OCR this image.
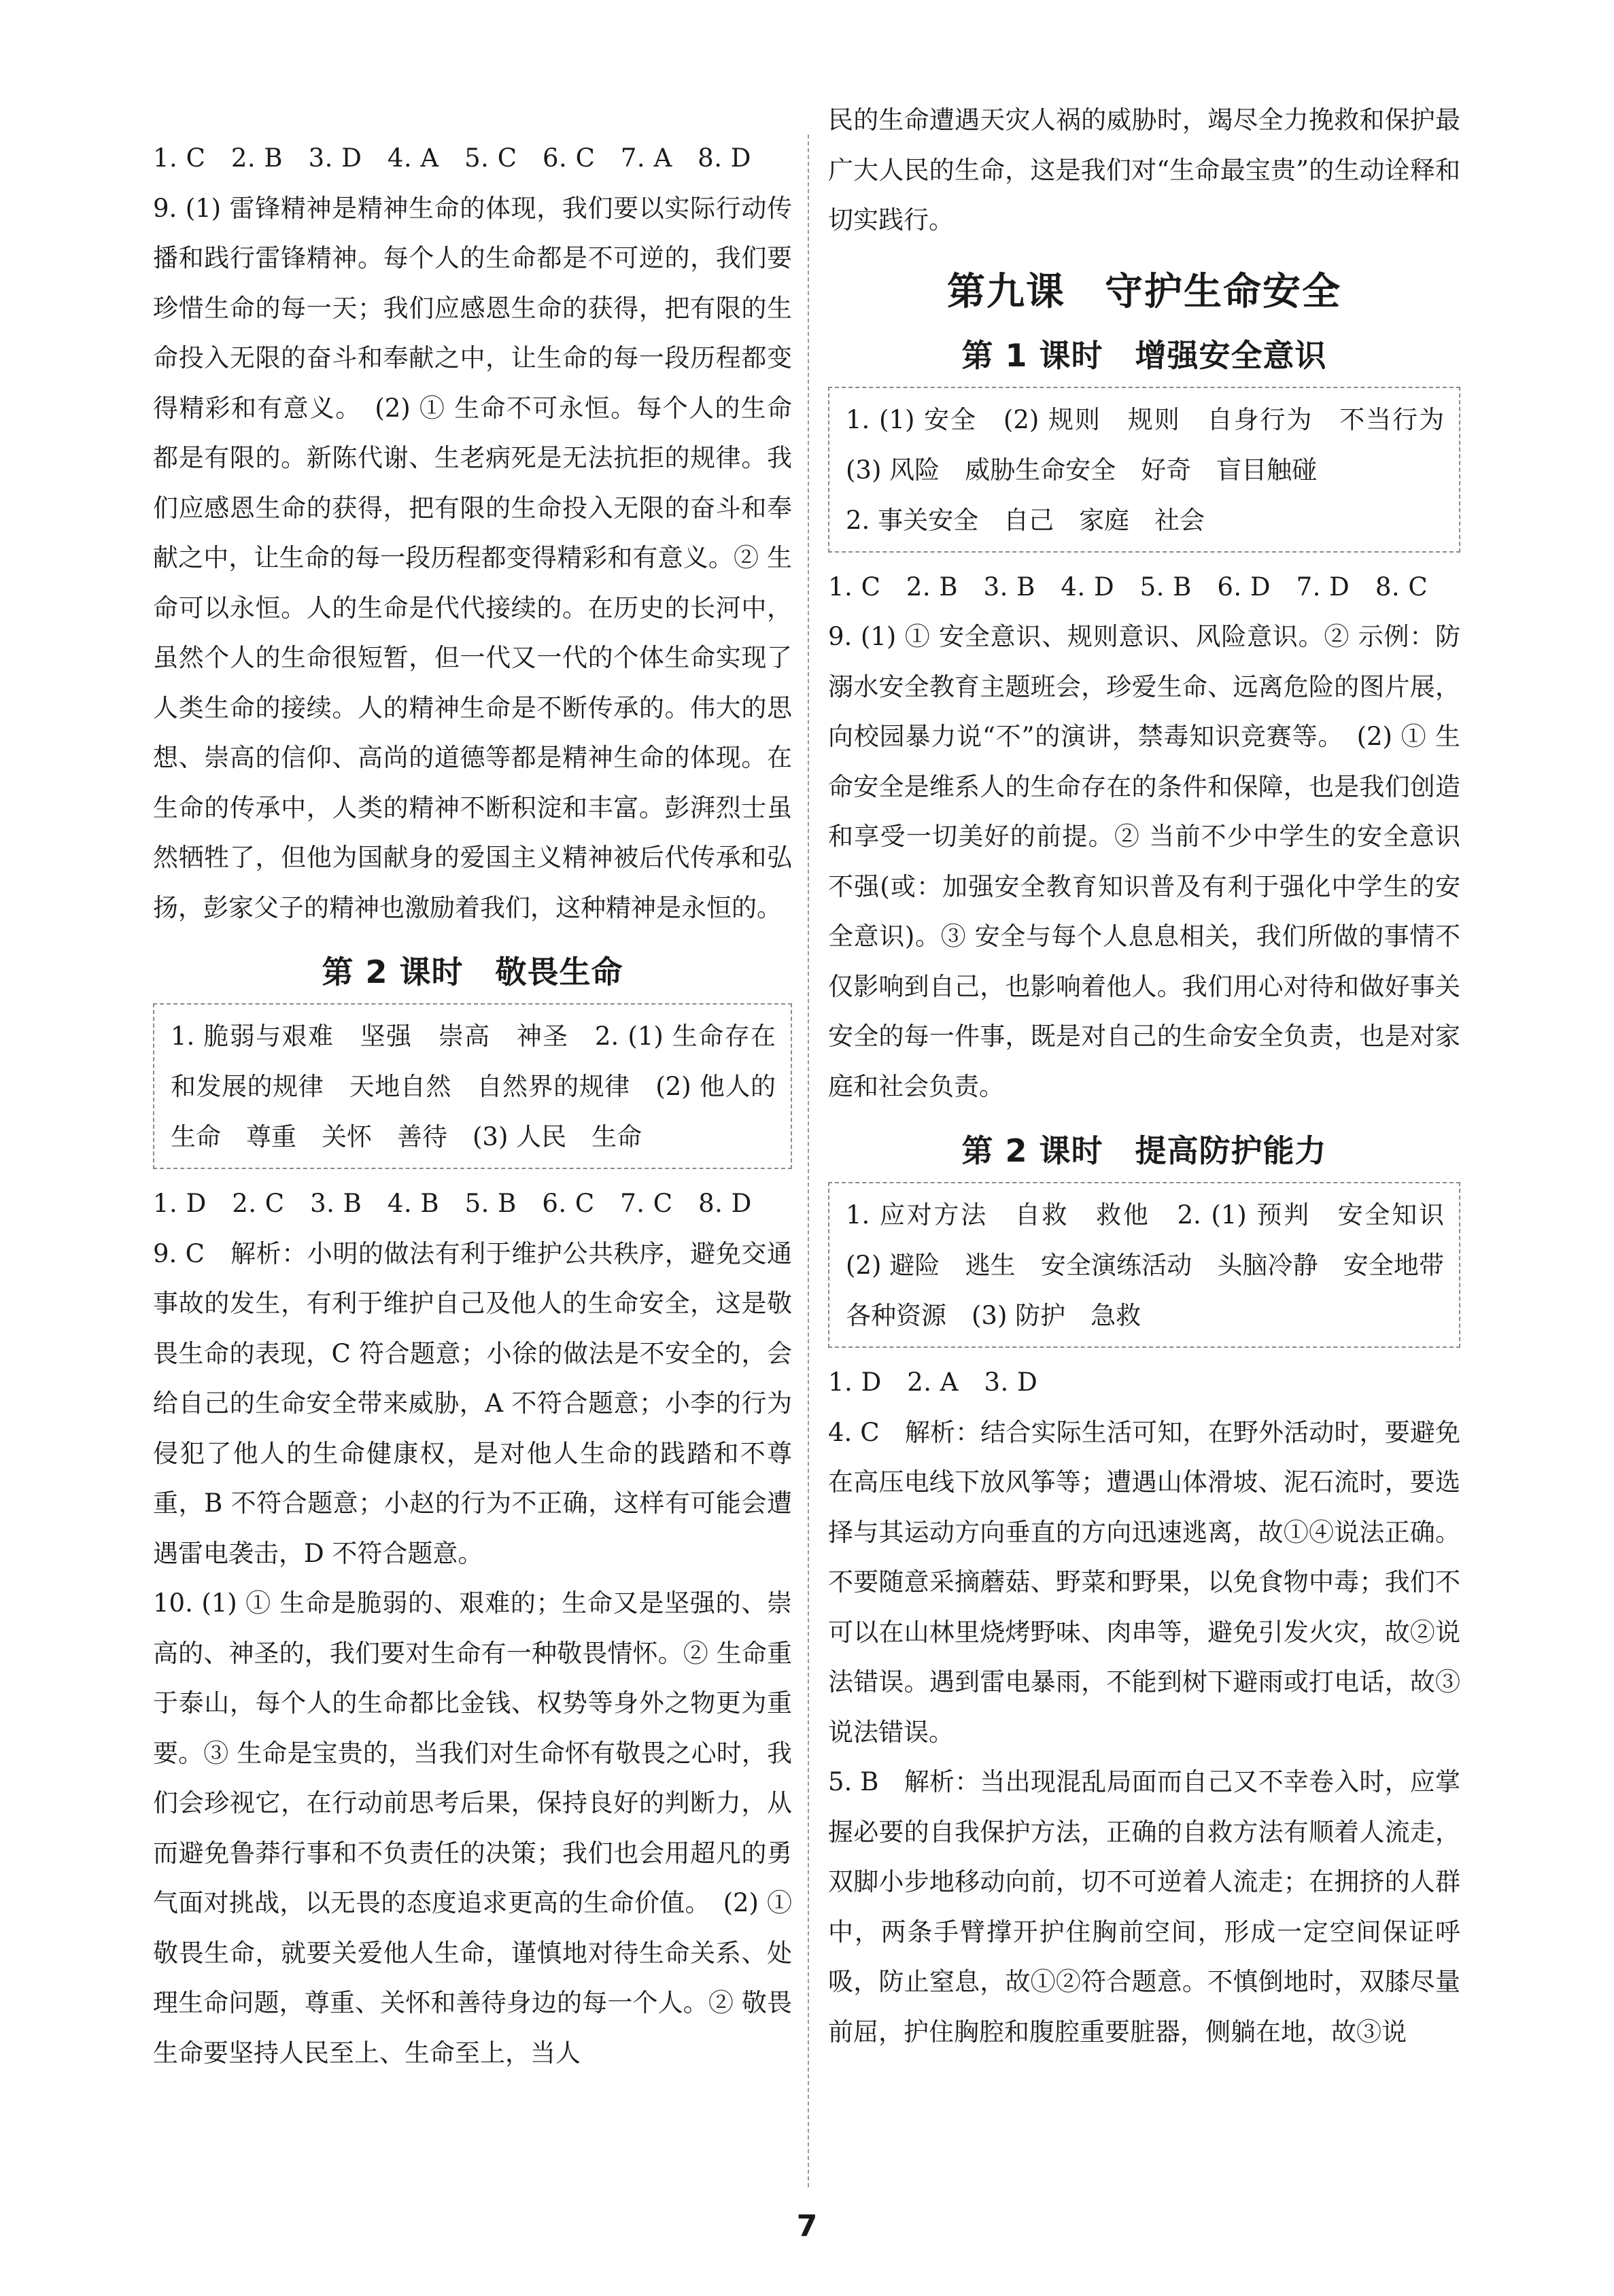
1. C　2. B　3. D　4. A　5. C　6. C　7. A　8. D

9. (1) 雷锋精神是精神生命的体现，我们要以实际行动传播和践行雷锋精神。每个人的生命都是不可逆的，我们要珍惜生命的每一天；我们应感恩生命的获得，把有限的生命投入无限的奋斗和奉献之中，让生命的每一段历程都变得精彩和有意义。　(2) ① 生命不可永恒。每个人的生命都是有限的。新陈代谢、生老病死是无法抗拒的规律。我们应感恩生命的获得，把有限的生命投入无限的奋斗和奉献之中，让生命的每一段历程都变得精彩和有意义。② 生命可以永恒。人的生命是代代接续的。在历史的长河中，虽然个人的生命很短暂，但一代又一代的个体生命实现了人类生命的接续。人的精神生命是不断传承的。伟大的思想、崇高的信仰、高尚的道德等都是精神生命的体现。在生命的传承中，人类的精神不断积淀和丰富。彭湃烈士虽然牺牲了，但他为国献身的爱国主义精神被后代传承和弘扬，彭家父子的精神也激励着我们，这种精神是永恒的。

第 2 课时　敬畏生命

1. 脆弱与艰难　坚强　崇高　神圣　2. (1) 生命存在和发展的规律　天地自然　自然界的规律　(2) 他人的生命　尊重　关怀　善待　(3) 人民　生命

1. D　2. C　3. B　4. B　5. B　6. C　7. C　8. D

9. C　解析：小明的做法有利于维护公共秩序，避免交通事故的发生，有利于维护自己及他人的生命安全，这是敬畏生命的表现，C 符合题意；小徐的做法是不安全的，会给自己的生命安全带来威胁，A 不符合题意；小李的行为侵犯了他人的生命健康权，是对他人生命的践踏和不尊重，B 不符合题意；小赵的行为不正确，这样有可能会遭遇雷电袭击，D 不符合题意。

10. (1) ① 生命是脆弱的、艰难的；生命又是坚强的、崇高的、神圣的，我们要对生命有一种敬畏情怀。② 生命重于泰山，每个人的生命都比金钱、权势等身外之物更为重要。③ 生命是宝贵的，当我们对生命怀有敬畏之心时，我们会珍视它，在行动前思考后果，保持良好的判断力，从而避免鲁莽行事和不负责任的决策；我们也会用超凡的勇气面对挑战，以无畏的态度追求更高的生命价值。　(2) ① 敬畏生命，就要关爱他人生命，谨慎地对待生命关系、处理生命问题，尊重、关怀和善待身边的每一个人。② 敬畏生命要坚持人民至上、生命至上，当人

民的生命遭遇天灾人祸的威胁时，竭尽全力挽救和保护最广大人民的生命，这是我们对“生命最宝贵”的生动诠释和切实践行。

第九课　守护生命安全
第 1 课时　增强安全意识

1. (1) 安全　(2) 规则　规则　自身行为　不当行为　(3) 风险　威胁生命安全　好奇　盲目触碰
2. 事关安全　自己　家庭　社会

1. C　2. B　3. B　4. D　5. B　6. D　7. D　8. C

9. (1) ① 安全意识、规则意识、风险意识。② 示例：防溺水安全教育主题班会，珍爱生命、远离危险的图片展，向校园暴力说“不”的演讲，禁毒知识竞赛等。　(2) ① 生命安全是维系人的生命存在的条件和保障，也是我们创造和享受一切美好的前提。② 当前不少中学生的安全意识不强(或：加强安全教育知识普及有利于强化中学生的安全意识)。③ 安全与每个人息息相关，我们所做的事情不仅影响到自己，也影响着他人。我们用心对待和做好事关安全的每一件事，既是对自己的生命安全负责，也是对家庭和社会负责。

第 2 课时　提高防护能力

1. 应对方法　自救　救他　2. (1) 预判　安全知识　(2) 避险　逃生　安全演练活动　头脑冷静　安全地带　各种资源　(3) 防护　急救

1. D　2. A　3. D

4. C　解析：结合实际生活可知，在野外活动时，要避免在高压电线下放风筝等；遭遇山体滑坡、泥石流时，要选择与其运动方向垂直的方向迅速逃离，故①④说法正确。不要随意采摘蘑菇、野菜和野果，以免食物中毒；我们不可以在山林里烧烤野味、肉串等，避免引发火灾，故②说法错误。遇到雷电暴雨，不能到树下避雨或打电话，故③说法错误。

5. B　解析：当出现混乱局面而自己又不幸卷入时，应掌握必要的自我保护方法，正确的自救方法有顺着人流走，双脚小步地移动向前，切不可逆着人流走；在拥挤的人群中，两条手臂撑开护住胸前空间，形成一定空间保证呼吸，防止窒息，故①②符合题意。不慎倒地时，双膝尽量前屈，护住胸腔和腹腔重要脏器，侧躺在地，故③说

7
